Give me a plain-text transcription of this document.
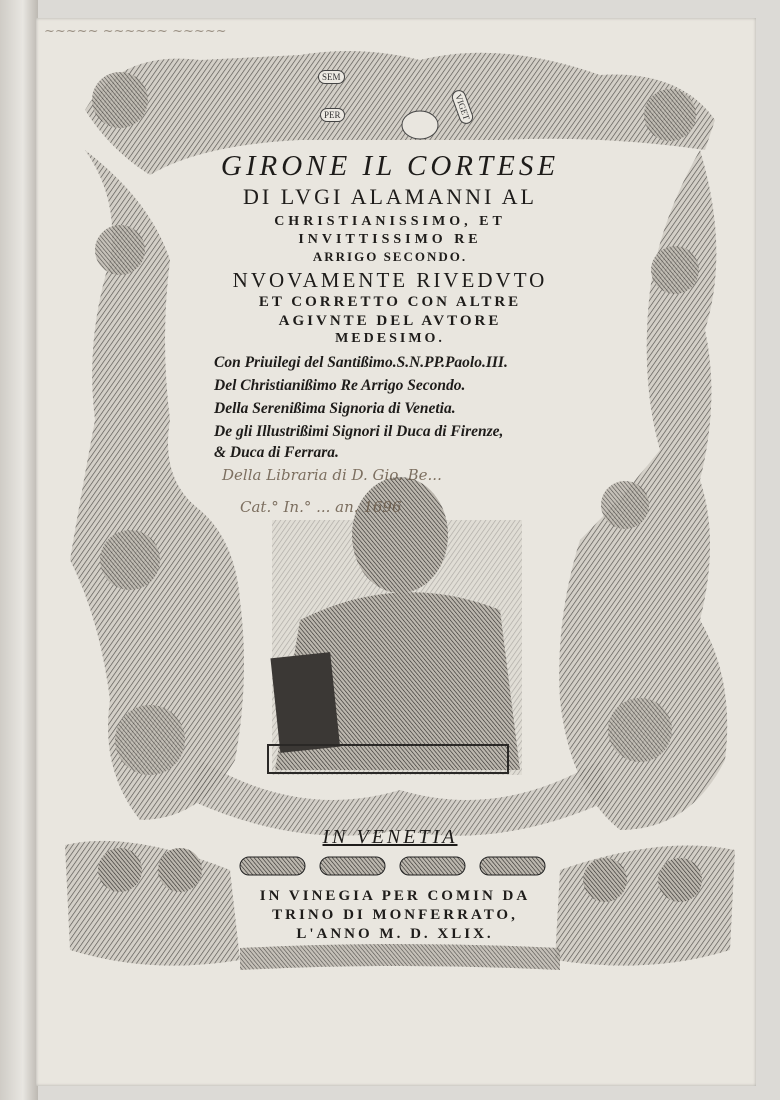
SEM
PER	VIGET
~~~~~ ~~~~~~ ~~~~~
GIRONE IL CORTESE
DI LVGI ALAMANNI AL
CHRISTIANISSIMO, ET
INVITTISSIMO RE
ARRIGO SECONDO.
NVOVAMENTE RIVEDVTO
ET CORRETTO CON ALTRE
AGIVNTE DEL AVTORE
MEDESIMO.
Con Priuilegi del Santißimo.S.N.PP.Paolo.III.
Del Christianißimo Re Arrigo Secondo.
Della Serenißima Signoria di Venetia.
De gli Illustrißimi Signori il Duca di Firenze,
& Duca di Ferrara.
Della Libraria di D. Gio. Be...
Cat.° In.° ... an. 1696
IN VENETIA
IN VINEGIA PER COMIN DA
TRINO DI MONFERRATO,
L'ANNO M. D. XLIX.
